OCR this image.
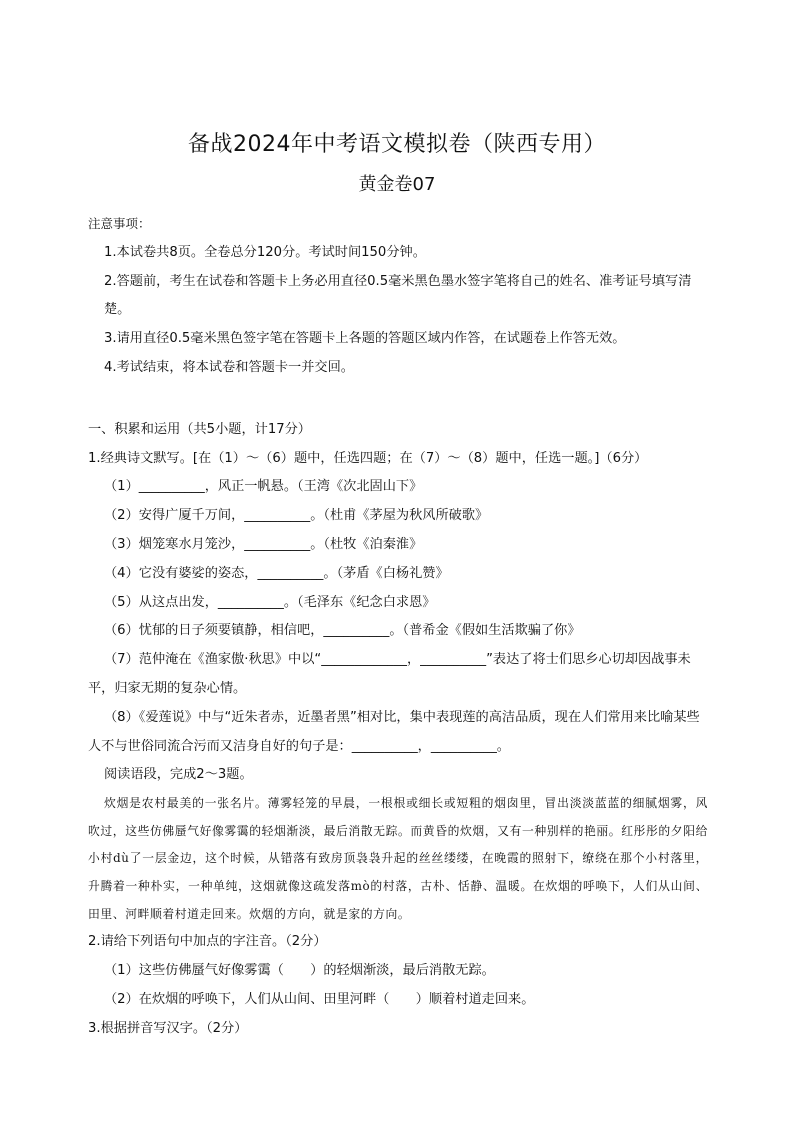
备战2024年中考语文模拟卷（陕西专用）
黄金卷07
注意事项：
1.本试卷共8页。全卷总分120分。考试时间150分钟。
2.答题前，考生在试卷和答题卡上务必用直径0.5毫米黑色墨水签字笔将自己的姓名、准考证号填写清楚。
3.请用直径0.5毫米黑色签字笔在答题卡上各题的答题区域内作答，在试题卷上作答无效。
4.考试结束，将本试卷和答题卡一并交回。
一、积累和运用（共5小题，计17分）
1.经典诗文默写。[在（1）～（6）题中，任选四题；在（7）～（8）题中，任选一题。]（6分）
（1）__________，风正一帆悬。（王湾《次北固山下》
（2）安得广厦千万间，__________。（杜甫《茅屋为秋风所破歌》
（3）烟笼寒水月笼沙，__________。（杜牧《泊秦淮》
（4）它没有婆娑的姿态，__________。（茅盾《白杨礼赞》
（5）从这点出发，__________。（毛泽东《纪念白求恩》
（6）忧郁的日子须要镇静，相信吧，__________。（普希金《假如生活欺骗了你》
（7）范仲淹在《渔家傲·秋思》中以“_____________，__________”表达了将士们思乡心切却因战事未平，归家无期的复杂心情。
（8）《爱莲说》中与“近朱者赤，近墨者黑”相对比，集中表现莲的高洁品质，现在人们常用来比喻某些人不与世俗同流合污而又洁身自好的句子是：__________，__________。
阅读语段，完成2～3题。

炊烟是农村最美的一张名片。薄雾轻笼的早晨，一根根或细长或短粗的烟囱里，冒出淡淡蓝蓝的细腻烟雾，风吹过，这些仿佛蜃气好像雾霭的轻烟渐淡，最后消散无踪。而黄昏的炊烟，又有一种别样的艳丽。红彤彤的夕阳给小村dù了一层金边，这个时候，从错落有致房顶袅袅升起的丝丝缕缕，在晚霞的照射下，缭绕在那个小村落里，升腾着一种朴实，一种单纯，这烟就像这疏发落mò的村落，古朴、恬静、温暖。在炊烟的呼唤下，人们从山间、田里、河畔顺着村道走回来。炊烟的方向，就是家的方向。

2.请给下列语句中加点的字注音。（2分）
（1）这些仿佛蜃气好像雾霭（　　）的轻烟渐淡，最后消散无踪。
（2）在炊烟的呼唤下，人们从山间、田里河畔（　　）顺着村道走回来。
3.根据拼音写汉字。（2分）
